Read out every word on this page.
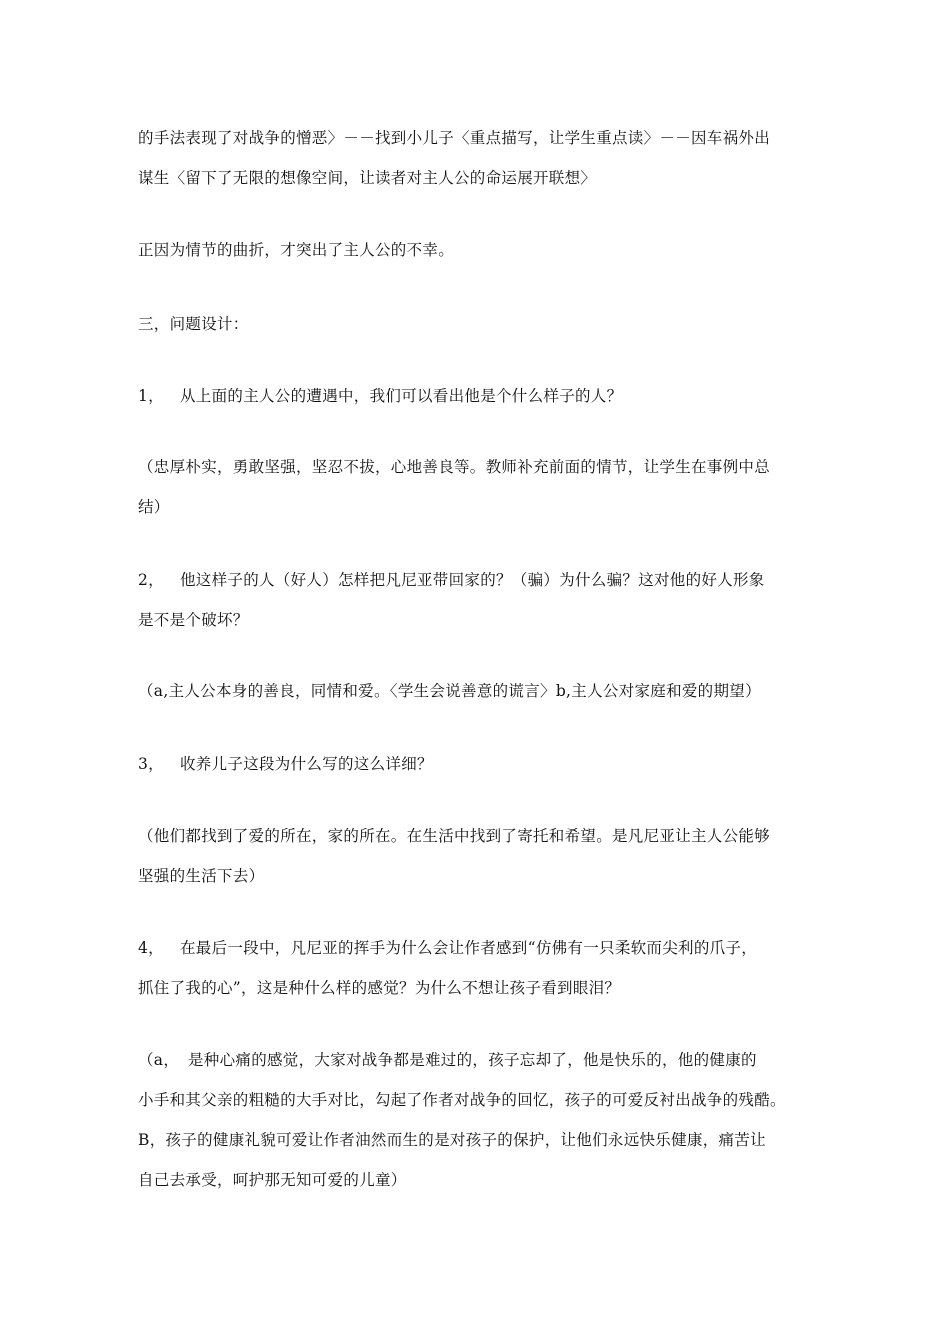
的手法表现了对战争的憎恶〉－－找到小儿子〈重点描写，让学生重点读〉－－因车祸外出
谋生〈留下了无限的想像空间，让读者对主人公的命运展开联想〉
正因为情节的曲折，才突出了主人公的不幸。
三，问题设计：
1， 从上面的主人公的遭遇中，我们可以看出他是个什么样子的人？
（忠厚朴实，勇敢坚强，坚忍不拔，心地善良等。教师补充前面的情节，让学生在事例中总
结）
2， 他这样子的人（好人）怎样把凡尼亚带回家的？（骗）为什么骗？这对他的好人形象
是不是个破坏？
（a,主人公本身的善良，同情和爱。〈学生会说善意的谎言〉b,主人公对家庭和爱的期望）
3， 收养儿子这段为什么写的这么详细？
（他们都找到了爱的所在，家的所在。在生活中找到了寄托和希望。是凡尼亚让主人公能够
坚强的生活下去）
4， 在最后一段中，凡尼亚的挥手为什么会让作者感到“仿佛有一只柔软而尖利的爪子，
抓住了我的心”，这是种什么样的感觉？为什么不想让孩子看到眼泪？
（a， 是种心痛的感觉，大家对战争都是难过的，孩子忘却了，他是快乐的，他的健康的
小手和其父亲的粗糙的大手对比，勾起了作者对战争的回忆，孩子的可爱反衬出战争的残酷。
B，孩子的健康礼貌可爱让作者油然而生的是对孩子的保护，让他们永远快乐健康，痛苦让
自己去承受，呵护那无知可爱的儿童）
